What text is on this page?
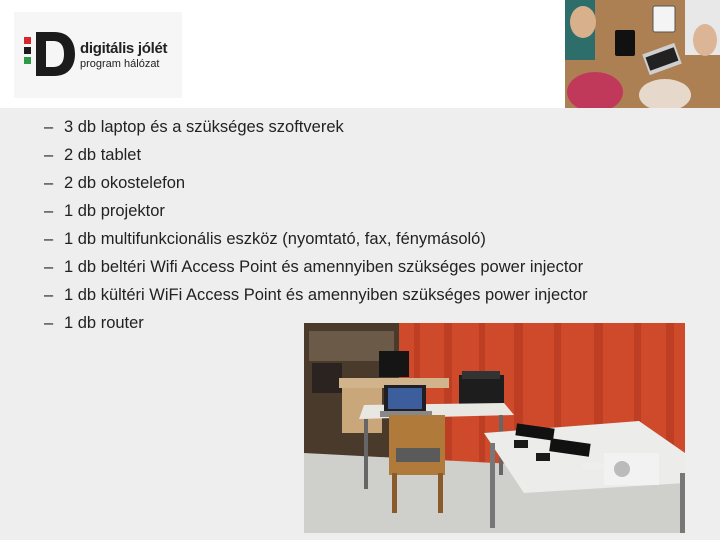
digitális jólét
program hálózat
– 3 db laptop és a szükséges szoftverek
– 2 db tablet
– 2 db okostelefon
– 1 db projektor
– 1 db multifunkcionális eszköz (nyomtató, fax, fénymásoló)
– 1 db beltéri Wifi Access Point és amennyiben szükséges power injector
– 1 db kültéri WiFi Access Point és amennyiben szükséges power injector
– 1 db router
